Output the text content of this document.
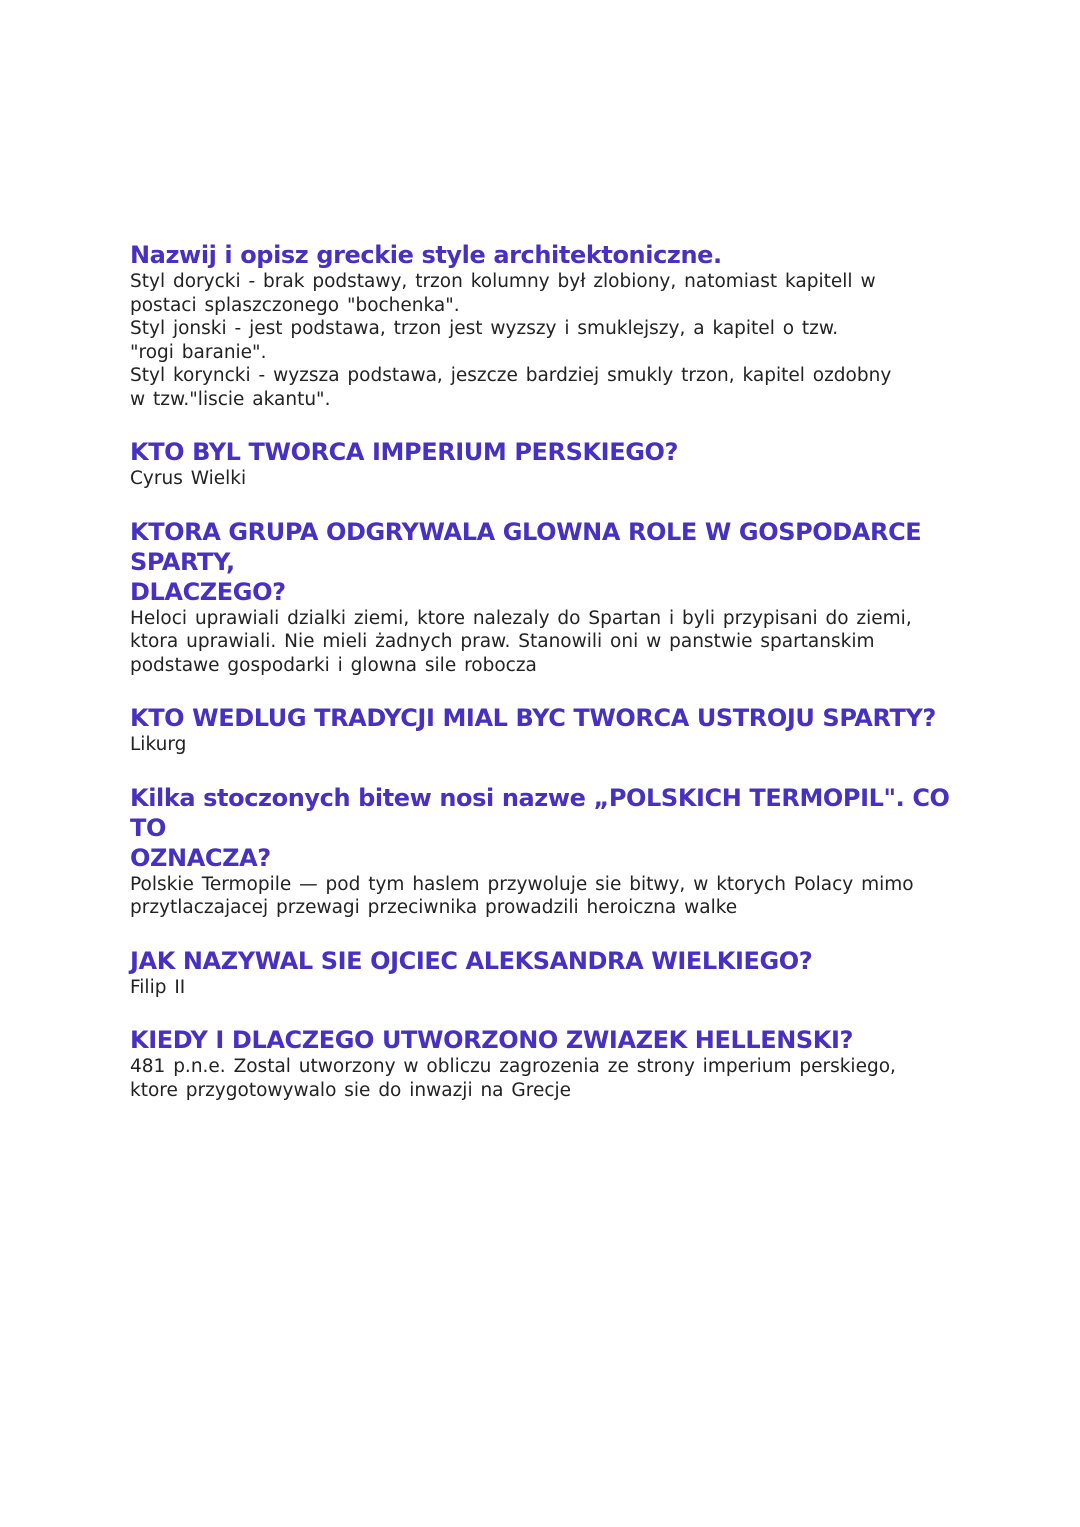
Nazwij i opisz greckie style architektoniczne.

Styl dorycki - brak podstawy, trzon kolumny był zlobiony, natomiast kapitell w

postaci splaszczonego "bochenka".

Styl jonski - jest podstawa, trzon jest wyzszy i smuklejszy, a kapitel o tzw.

"rogi baranie".

Styl koryncki - wyzsza podstawa, jeszcze bardziej smukly trzon, kapitel ozdobny

w tzw."liscie akantu".

KTO BYL TWORCA IMPERIUM PERSKIEGO?

Cyrus Wielki

KTORA GRUPA ODGRYWALA GLOWNA ROLE W GOSPODARCE SPARTY,

DLACZEGO?

Heloci uprawiali dzialki ziemi, ktore nalezaly do Spartan i byli przypisani do ziemi,

ktora uprawiali. Nie mieli żadnych praw. Stanowili oni w panstwie spartanskim

podstawe gospodarki i glowna sile robocza

KTO WEDLUG TRADYCJI MIAL BYC TWORCA USTROJU SPARTY?

Likurg

Kilka stoczonych bitew nosi nazwe „POLSKICH TERMOPIL". CO TO

OZNACZA?

Polskie Termopile — pod tym haslem przywoluje sie bitwy, w ktorych Polacy mimo

przytlaczajacej przewagi przeciwnika prowadzili heroiczna walke

JAK NAZYWAL SIE OJCIEC ALEKSANDRA WIELKIEGO?

Filip II

KIEDY I DLACZEGO UTWORZONO ZWIAZEK HELLENSKI?

481 p.n.e. Zostal utworzony w obliczu zagrozenia ze strony imperium perskiego,

ktore przygotowywalo sie do inwazji na Grecje
